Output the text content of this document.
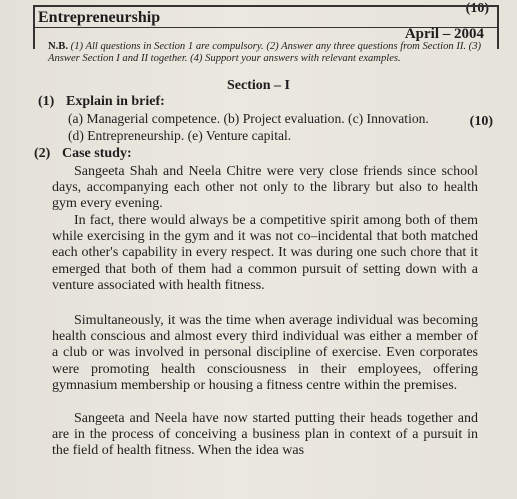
(10)
Entrepreneurship
April – 2004
N.B. (1) All questions in Section 1 are compulsory. (2) Answer any three questions from Section II. (3) Answer Section I and II together. (4) Support your answers with relevant examples.
Section – I
(1) Explain in brief:
(a) Managerial competence. (b) Project evaluation. (c) Innovation.	(10)
(d) Entrepreneurship. (e) Venture capital.
(2) Case study:
Sangeeta Shah and Neela Chitre were very close friends since school days, accompanying each other not only to the library but also to health gym every evening.
In fact, there would always be a competitive spirit among both of them while exercising in the gym and it was not co–incidental that both matched each other's capability in every respect. It was during one such chore that it emerged that both of them had a common pursuit of setting down with a venture associated with health fitness.
Simultaneously, it was the time when average individual was becoming health conscious and almost every third individual was either a member of a club or was involved in personal discipline of exercise. Even corporates were promoting health consciousness in their employees, offering gymnasium membership or housing a fitness centre within the premises.
Sangeeta and Neela have now started putting their heads together and are in the process of conceiving a business plan in context of a pursuit in the field of health fitness. When the idea was
